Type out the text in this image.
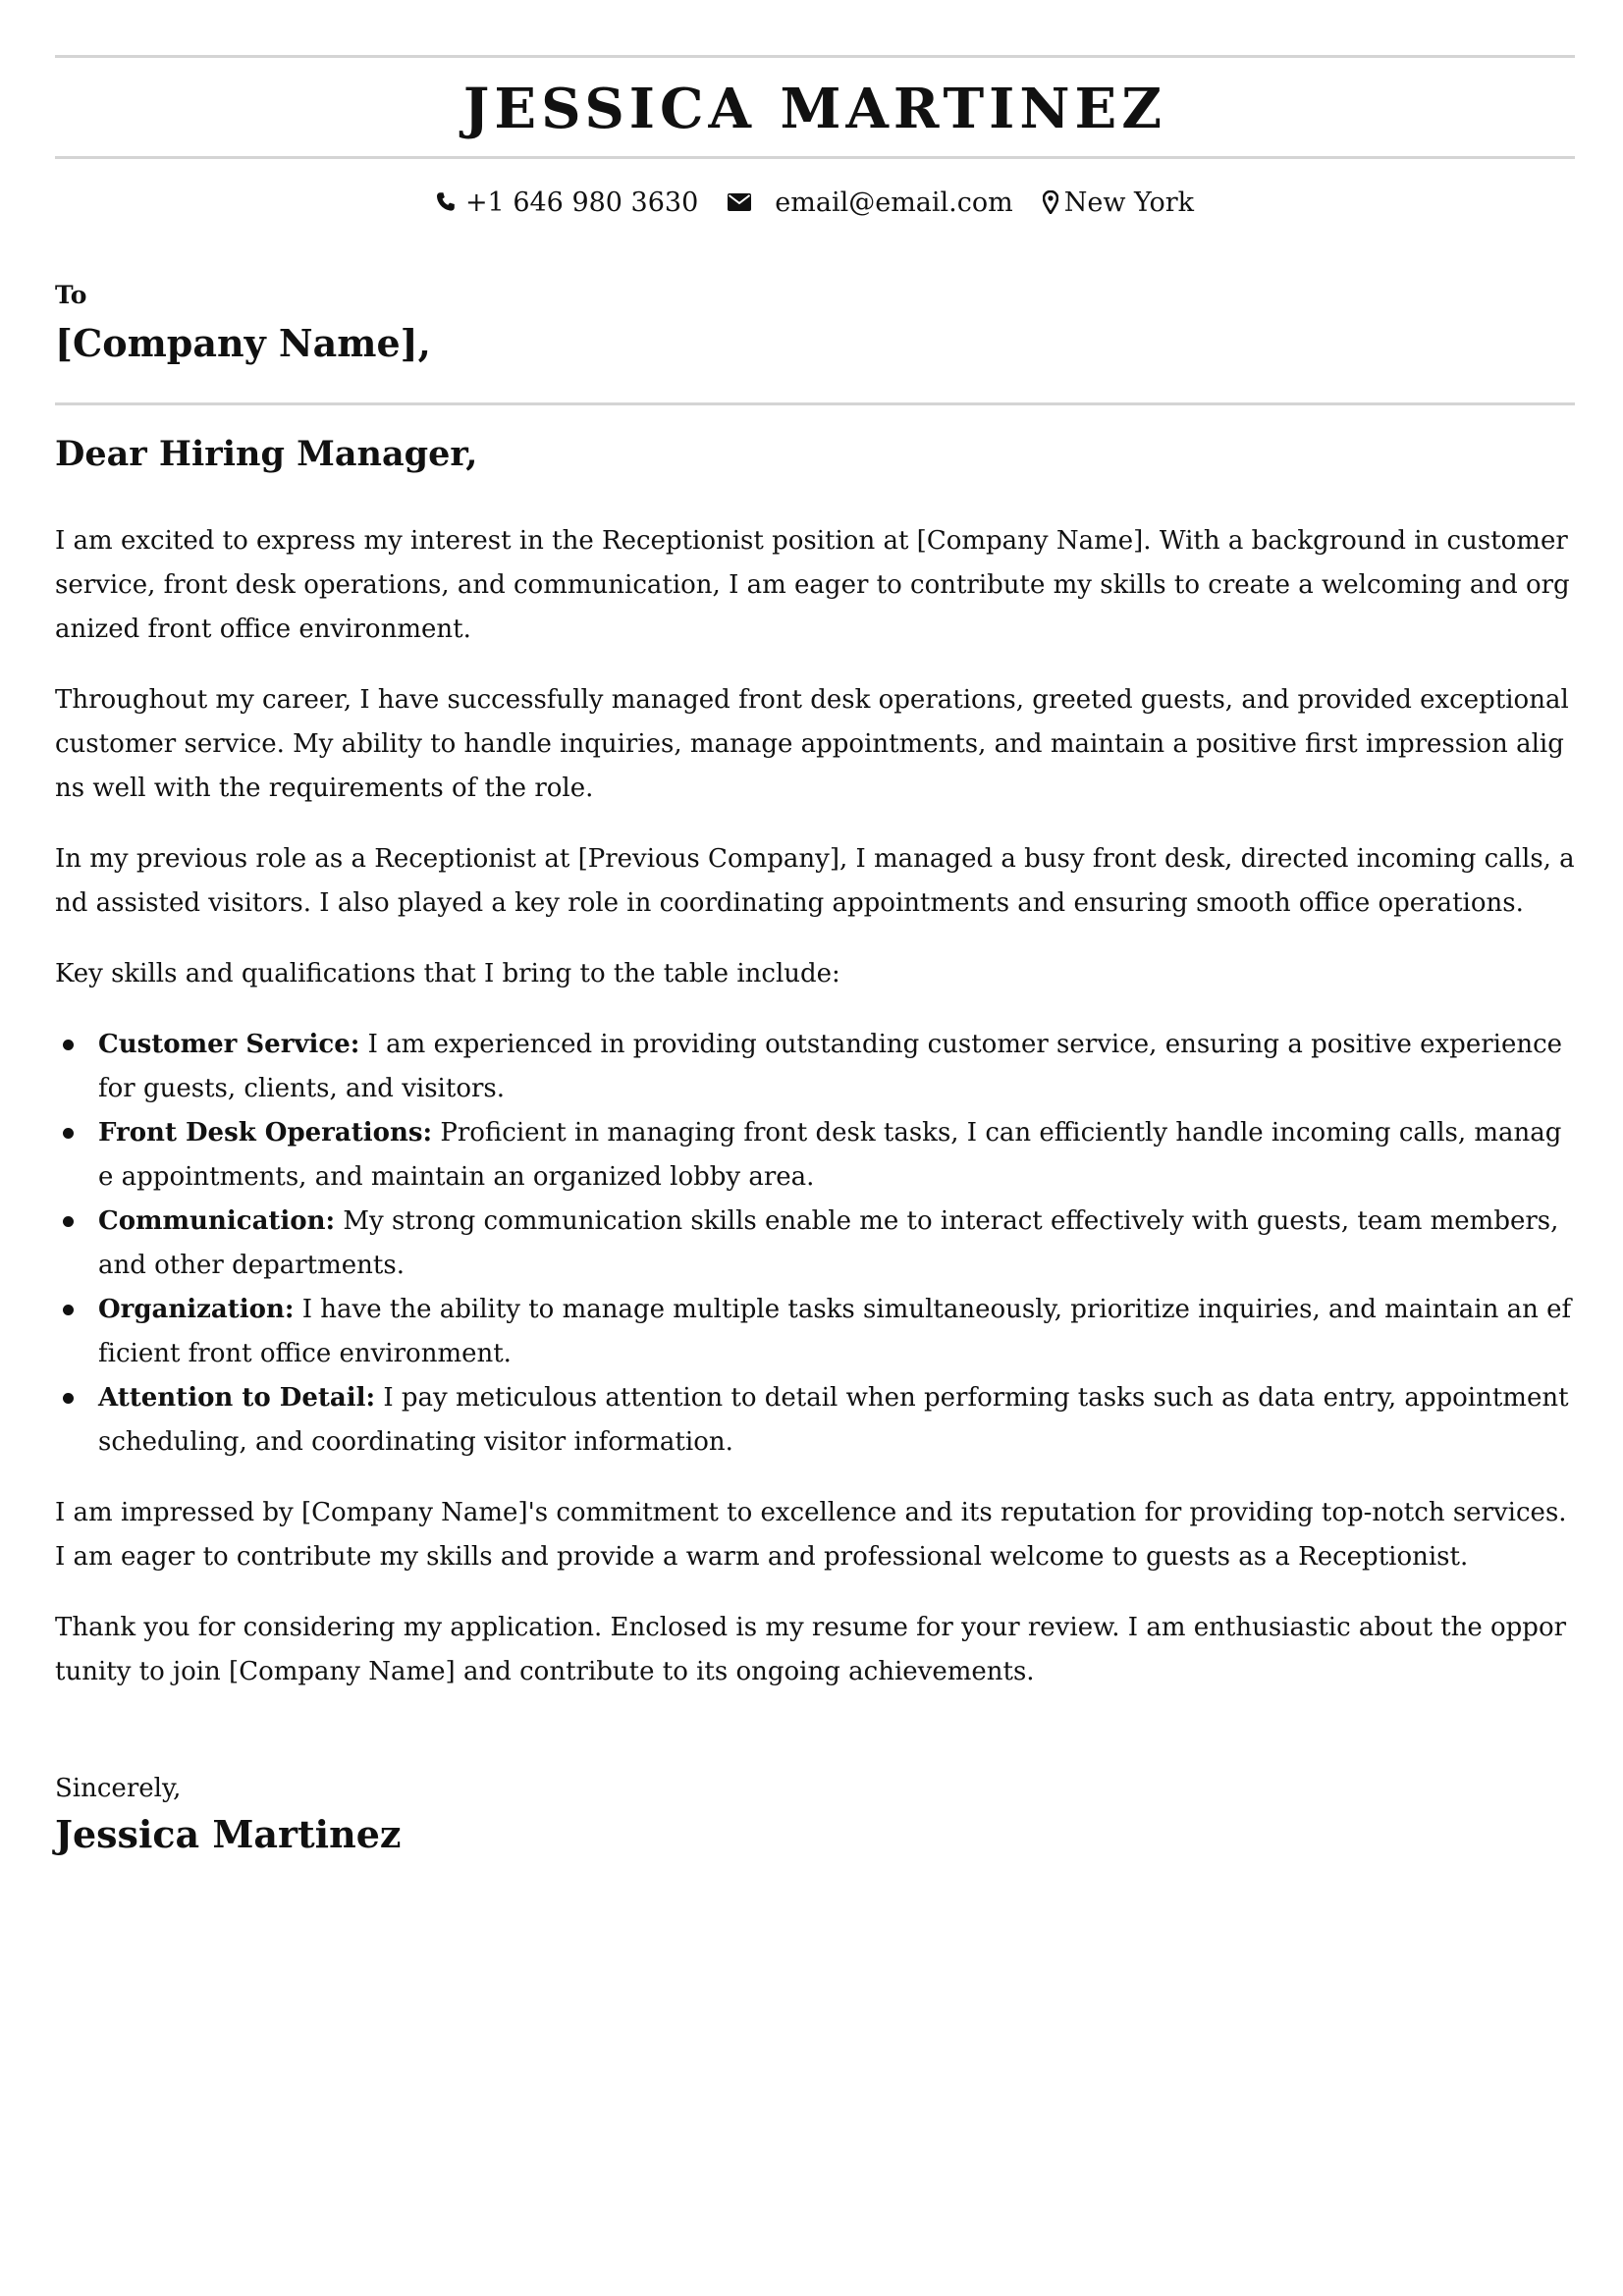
JESSICA MARTINEZ
+1 646 980 3630	email@email.com New York
To
[Company Name],
Dear Hiring Manager,

I am excited to express my interest in the Receptionist position at [Company Name]. With a background in customer service, front desk operations, and communication, I am eager to contribute my skills to create a welcoming and organized front office environment.

Throughout my career, I have successfully managed front desk operations, greeted guests, and provided exceptional customer service. My ability to handle inquiries, manage appointments, and maintain a positive first impression aligns well with the requirements of the role.

In my previous role as a Receptionist at [Previous Company], I managed a busy front desk, directed incoming calls, and assisted visitors. I also played a key role in coordinating appointments and ensuring smooth office operations.

Key skills and qualifications that I bring to the table include:

Customer Service: I am experienced in providing outstanding customer service, ensuring a positive experience for guests, clients, and visitors.
Front Desk Operations: Proficient in managing front desk tasks, I can efficiently handle incoming calls, manage appointments, and maintain an organized lobby area.
Communication: My strong communication skills enable me to interact effectively with guests, team members, and other departments.
Organization: I have the ability to manage multiple tasks simultaneously, prioritize inquiries, and maintain an efficient front office environment.
Attention to Detail: I pay meticulous attention to detail when performing tasks such as data entry, appointment scheduling, and coordinating visitor information.

I am impressed by [Company Name]'s commitment to excellence and its reputation for providing top-notch services. I am eager to contribute my skills and provide a warm and professional welcome to guests as a Receptionist.

Thank you for considering my application. Enclosed is my resume for your review. I am enthusiastic about the opportunity to join [Company Name] and contribute to its ongoing achievements.

Sincerely,
Jessica Martinez
